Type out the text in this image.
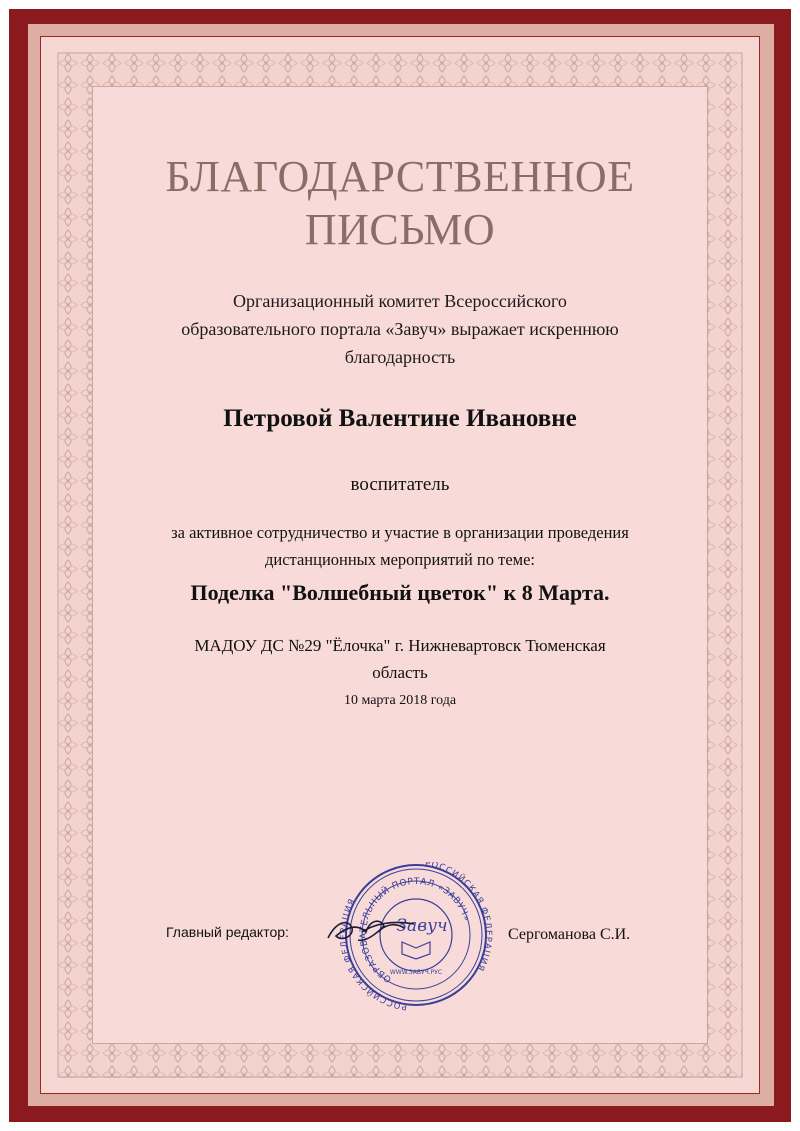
БЛАГОДАРСТВЕННОЕ
ПИСЬМО
Организационный комитет Всероссийского
образовательного портала «Завуч» выражает искреннюю
благодарность
Петровой Валентине Ивановне
воспитатель
за активное сотрудничество и участие в организации проведения
дистанционных мероприятий по теме:
Поделка "Волшебный цветок" к 8 Марта.
МАДОУ ДС №29 "Ёлочка" г. Нижневартовск Тюменская
область
10 марта 2018 года
Главный редактор:
РОССИЙСКАЯ ФЕДЕРАЦИЯ
РОССИЙСКАЯ ФЕДЕРАЦИЯ
ОБРАЗОВАТЕЛЬНЫЙ ПОРТАЛ «ЗАВУЧ»
Завуч
WWW.ЗАВУЧ.РУС
Сергоманова С.И.
